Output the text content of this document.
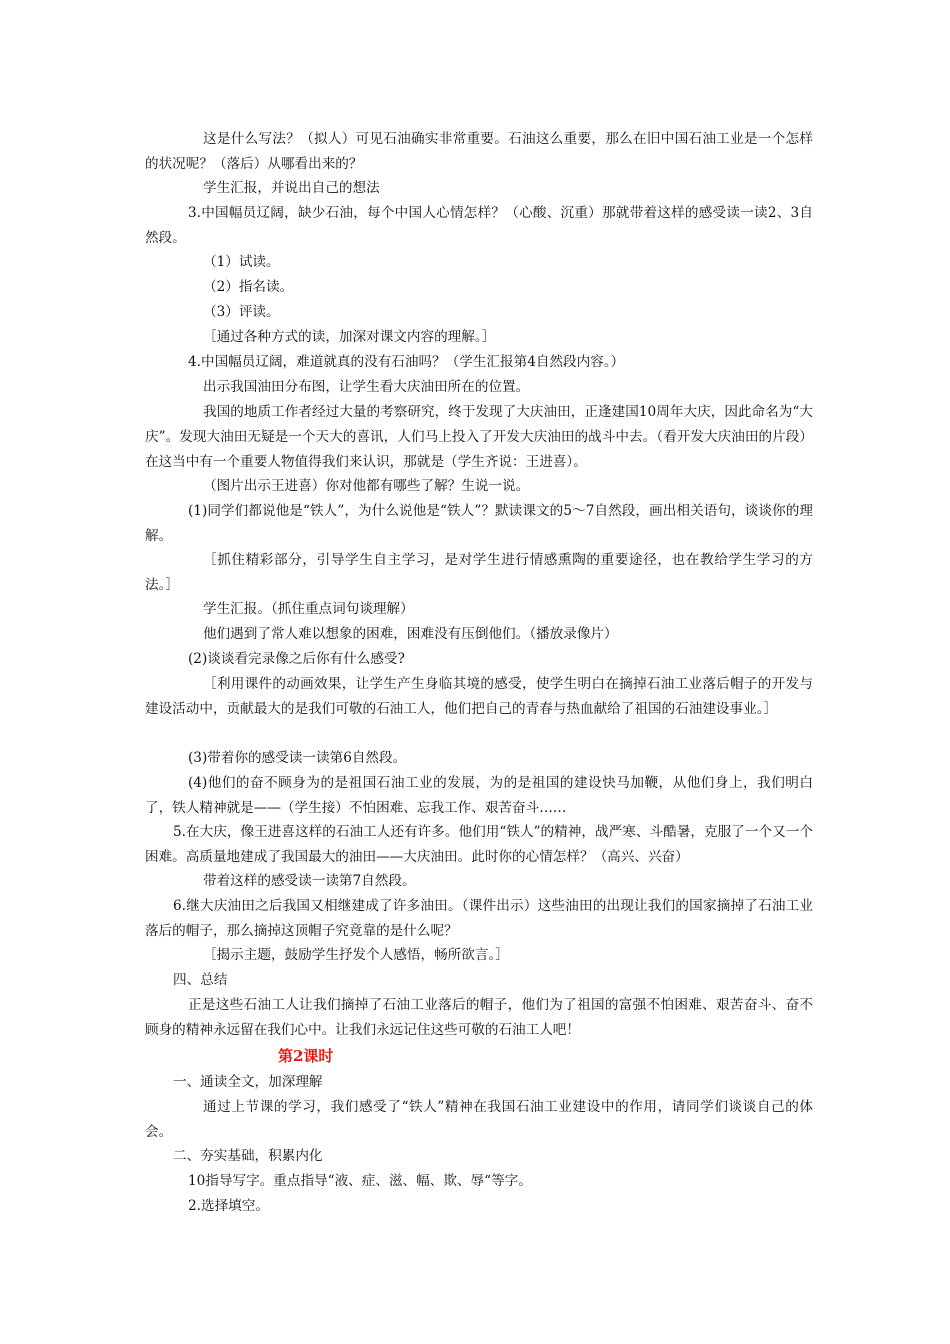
这是什么写法？（拟人）可见石油确实非常重要。石油这么重要，那么在旧中国石油工业是一个怎样的状况呢？（落后）从哪看出来的？

学生汇报，并说出自己的想法

3.中国幅员辽阔，缺少石油，每个中国人心情怎样？（心酸、沉重）那就带着这样的感受读一读2、3自然段。

（1）试读。

（2）指名读。

（3）评读。

［通过各种方式的读，加深对课文内容的理解。］

4.中国幅员辽阔，难道就真的没有石油吗？（学生汇报第4自然段内容。）

出示我国油田分布图，让学生看大庆油田所在的位置。

我国的地质工作者经过大量的考察研究，终于发现了大庆油田，正逢建国10周年大庆，因此命名为“大庆”。发现大油田无疑是一个天大的喜讯，人们马上投入了开发大庆油田的战斗中去。（看开发大庆油田的片段）在这当中有一个重要人物值得我们来认识，那就是（学生齐说：王进喜）。

（图片出示王进喜）你对他都有哪些了解？生说一说。

(1)同学们都说他是“铁人”，为什么说他是“铁人”？默读课文的5～7自然段，画出相关语句，谈谈你的理解。

［抓住精彩部分，引导学生自主学习，是对学生进行情感熏陶的重要途径，也在教给学生学习的方法。］

学生汇报。（抓住重点词句谈理解）

他们遇到了常人难以想象的困难，困难没有压倒他们。（播放录像片）

(2)谈谈看完录像之后你有什么感受?

［利用课件的动画效果，让学生产生身临其境的感受，使学生明白在摘掉石油工业落后帽子的开发与建设活动中，贡献最大的是我们可敬的石油工人，他们把自己的青春与热血献给了祖国的石油建设事业。］

(3)带着你的感受读一读第6自然段。

(4)他们的奋不顾身为的是祖国石油工业的发展，为的是祖国的建设快马加鞭，从他们身上，我们明白了，铁人精神就是——（学生接）不怕困难、忘我工作、艰苦奋斗……

5.在大庆，像王进喜这样的石油工人还有许多。他们用“铁人”的精神，战严寒、斗酷暑，克服了一个又一个困难。高质量地建成了我国最大的油田——大庆油田。此时你的心情怎样？（高兴、兴奋）

带着这样的感受读一读第7自然段。

6.继大庆油田之后我国又相继建成了许多油田。（课件出示）这些油田的出现让我们的国家摘掉了石油工业落后的帽子，那么摘掉这顶帽子究竟靠的是什么呢？

［揭示主题，鼓励学生抒发个人感悟，畅所欲言。］

四、总结

正是这些石油工人让我们摘掉了石油工业落后的帽子，他们为了祖国的富强不怕困难、艰苦奋斗、奋不顾身的精神永远留在我们心中。让我们永远记住这些可敬的石油工人吧！

第2课时

一、通读全文，加深理解

通过上节课的学习，我们感受了“铁人”精神在我国石油工业建设中的作用，请同学们谈谈自己的体会。

二、夯实基础，积累内化

10指导写字。重点指导“液、症、滋、幅、欺、辱“等字。

2.选择填空。
